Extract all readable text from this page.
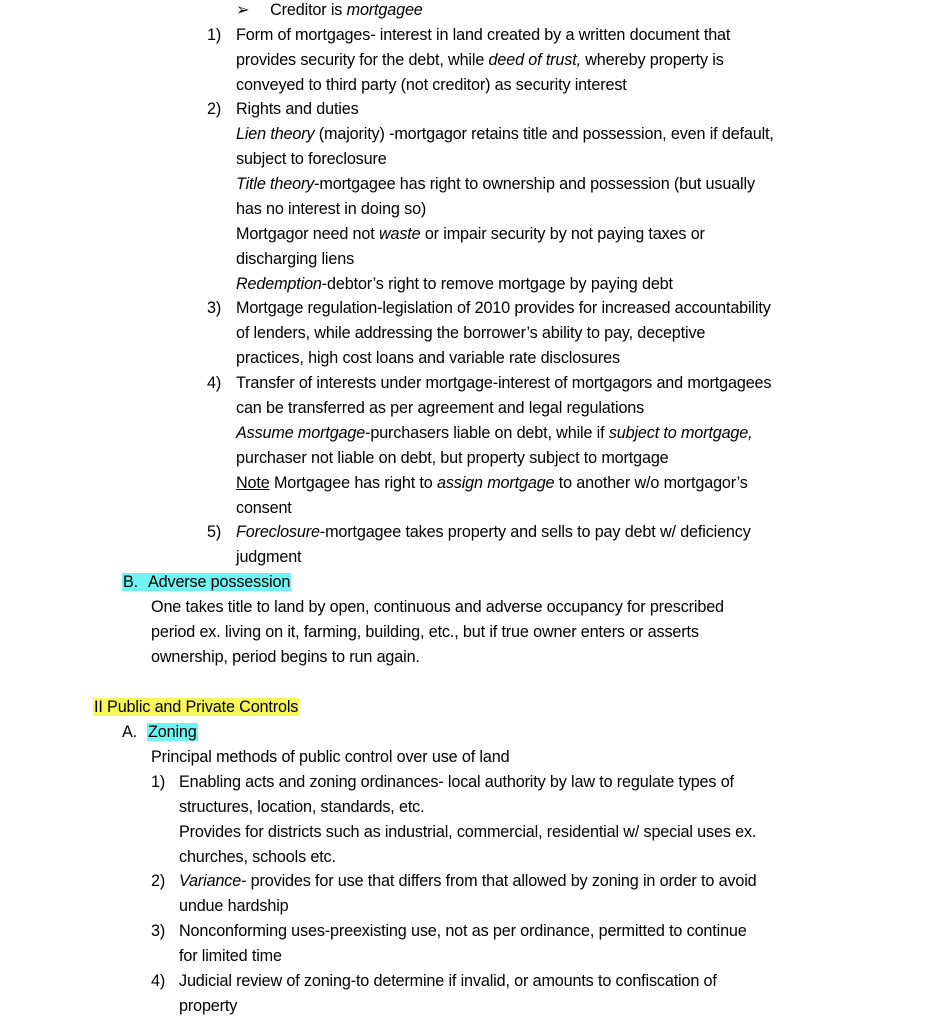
➢ Creditor is mortgagee
1) Form of mortgages- interest in land created by a written document that
provides security for the debt, while deed of trust, whereby property is
conveyed to third party (not creditor) as security interest
2) Rights and duties
Lien theory (majority) -mortgagor retains title and possession, even if default,
subject to foreclosure
Title theory-mortgagee has right to ownership and possession (but usually
has no interest in doing so)
Mortgagor need not waste or impair security by not paying taxes or
discharging liens
Redemption-debtor’s right to remove mortgage by paying debt
3) Mortgage regulation-legislation of 2010 provides for increased accountability
of lenders, while addressing the borrower’s ability to pay, deceptive
practices, high cost loans and variable rate disclosures
4) Transfer of interests under mortgage-interest of mortgagors and mortgagees
can be transferred as per agreement and legal regulations
Assume mortgage-purchasers liable on debt, while if subject to mortgage,
purchaser not liable on debt, but property subject to mortgage
Note Mortgagee has right to assign mortgage to another w/o mortgagor’s
consent
5) Foreclosure-mortgagee takes property and sells to pay debt w/ deficiency
judgment
B. Adverse possession
One takes title to land by open, continuous and adverse occupancy for prescribed
period ex. living on it, farming, building, etc., but if true owner enters or asserts
ownership, period begins to run again.
II Public and Private Controls
A. Zoning
Principal methods of public control over use of land
1) Enabling acts and zoning ordinances- local authority by law to regulate types of
structures, location, standards, etc.
Provides for districts such as industrial, commercial, residential w/ special uses ex.
churches, schools etc.
2) Variance- provides for use that differs from that allowed by zoning in order to avoid
undue hardship
3) Nonconforming uses-preexisting use, not as per ordinance, permitted to continue
for limited time
4) Judicial review of zoning-to determine if invalid, or amounts to confiscation of
property
